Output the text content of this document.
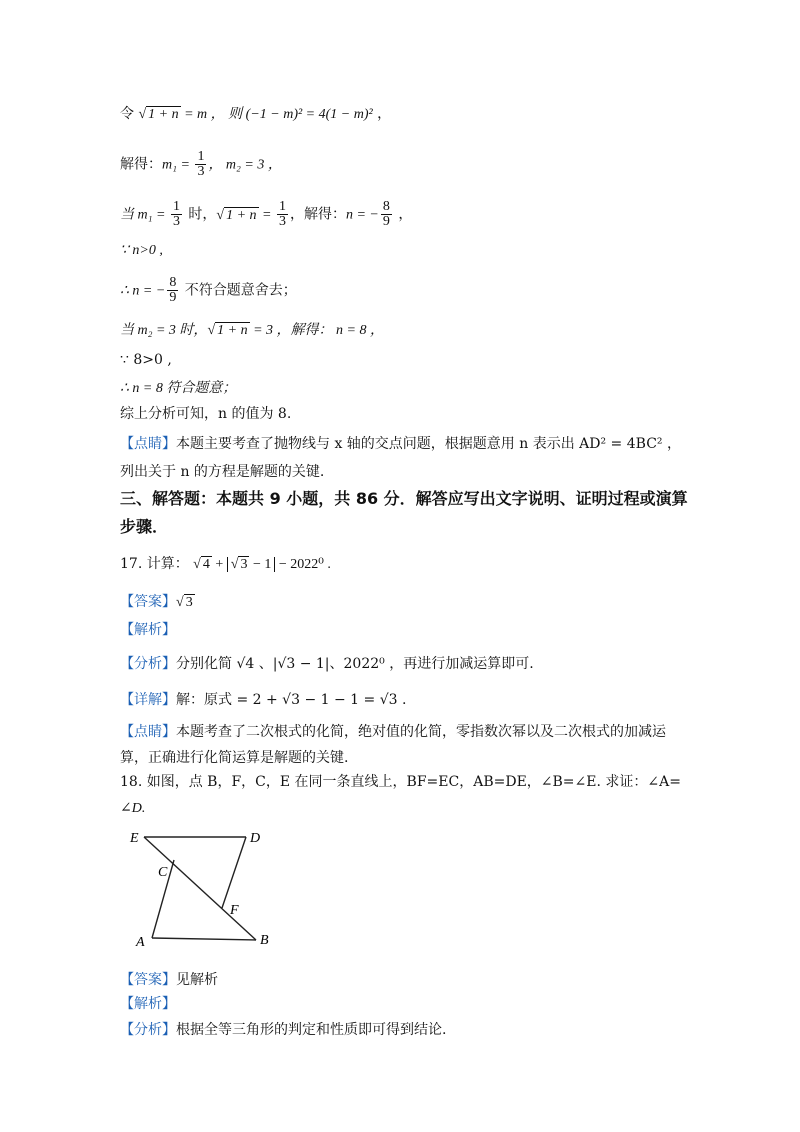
令 √ 1 + n = m ， 则 (−1 − m)² = 4(1 − m)² ，
解得：$m_1 = \frac{1}{3}$ ， m₂ = 3 ，
当 $m_1 = \frac{1}{3}$ 时，√ $1 + n = \frac{1}{3}$ ，解得：n = − $\frac{8}{9}$ ，
∵ n>0 ,
∴ n = − $\frac{8}{9}$ 不符合题意舍去；
当 m₂ = 3 时，√ 1 + n = 3 ，解得： n = 8 ，
∵ 8>0 ,
∴ n = 8 符合题意；
综上分析可知，n 的值为 8.
【点睛】本题主要考查了抛物线与 x 轴的交点问题，根据题意用 n 表示出 AD² = 4BC² ，
列出关于 n 的方程是解题的关键.
三、解答题：本题共 9 小题，共 86 分．解答应写出文字说明、证明过程或演算
步骤．
17. 计算： √ 4 + √ 3 − 1 − 2022⁰ .
【答案】√ 3
【解析】
【分析】分别化简 √4 、|√3 − 1|、2022⁰ ，再进行加减运算即可.
【详解】解：原式 = 2 + √3 − 1 − 1 = √3 .
【点睛】本题考查了二次根式的化简，绝对值的化简，零指数次幂以及二次根式的加减运
算，正确进行化简运算是解题的关键.
18. 如图，点 B，F，C，E 在同一条直线上，BF=EC，AB=DE，∠B=∠E. 求证：∠A=
∠D.
E	D
C
F
A	B
【答案】见解析
【解析】
【分析】根据全等三角形的判定和性质即可得到结论.
